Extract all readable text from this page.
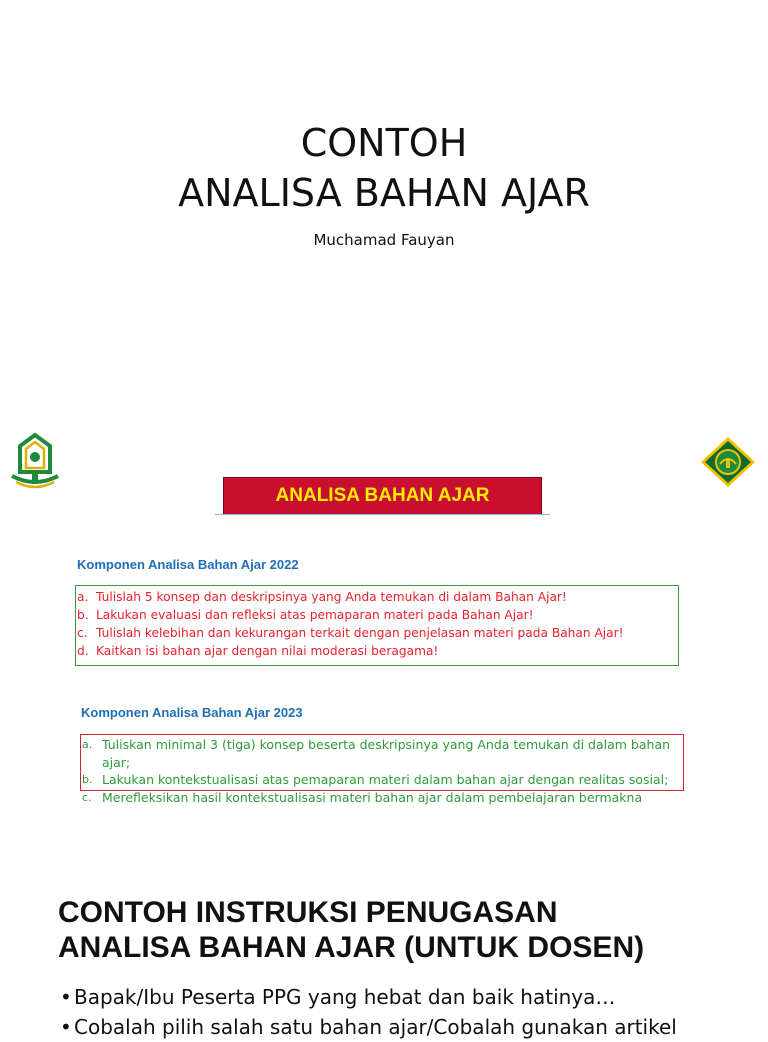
CONTOH
ANALISA BAHAN AJAR
Muchamad Fauyan
ANALISA BAHAN AJAR
Komponen Analisa Bahan Ajar 2022
a. Tulislah 5 konsep dan deskripsinya yang Anda temukan di dalam Bahan Ajar!
b. Lakukan evaluasi dan refleksi atas pemaparan materi pada Bahan Ajar!
c. Tulislah kelebihan dan kekurangan terkait dengan penjelasan materi pada Bahan Ajar!
d. Kaitkan isi bahan ajar dengan nilai moderasi beragama!
Komponen Analisa Bahan Ajar 2023
a. Tuliskan minimal 3 (tiga) konsep beserta deskripsinya yang Anda temukan di dalam bahan ajar;
b. Lakukan kontekstualisasi atas pemaparan materi dalam bahan ajar dengan realitas sosial;
c. Merefleksikan hasil kontekstualisasi materi bahan ajar dalam pembelajaran bermakna
CONTOH INSTRUKSI PENUGASAN
ANALISA BAHAN AJAR (UNTUK DOSEN)
• Bapak/Ibu Peserta PPG yang hebat dan baik hatinya…
• Cobalah pilih salah satu bahan ajar/Cobalah gunakan artikel
